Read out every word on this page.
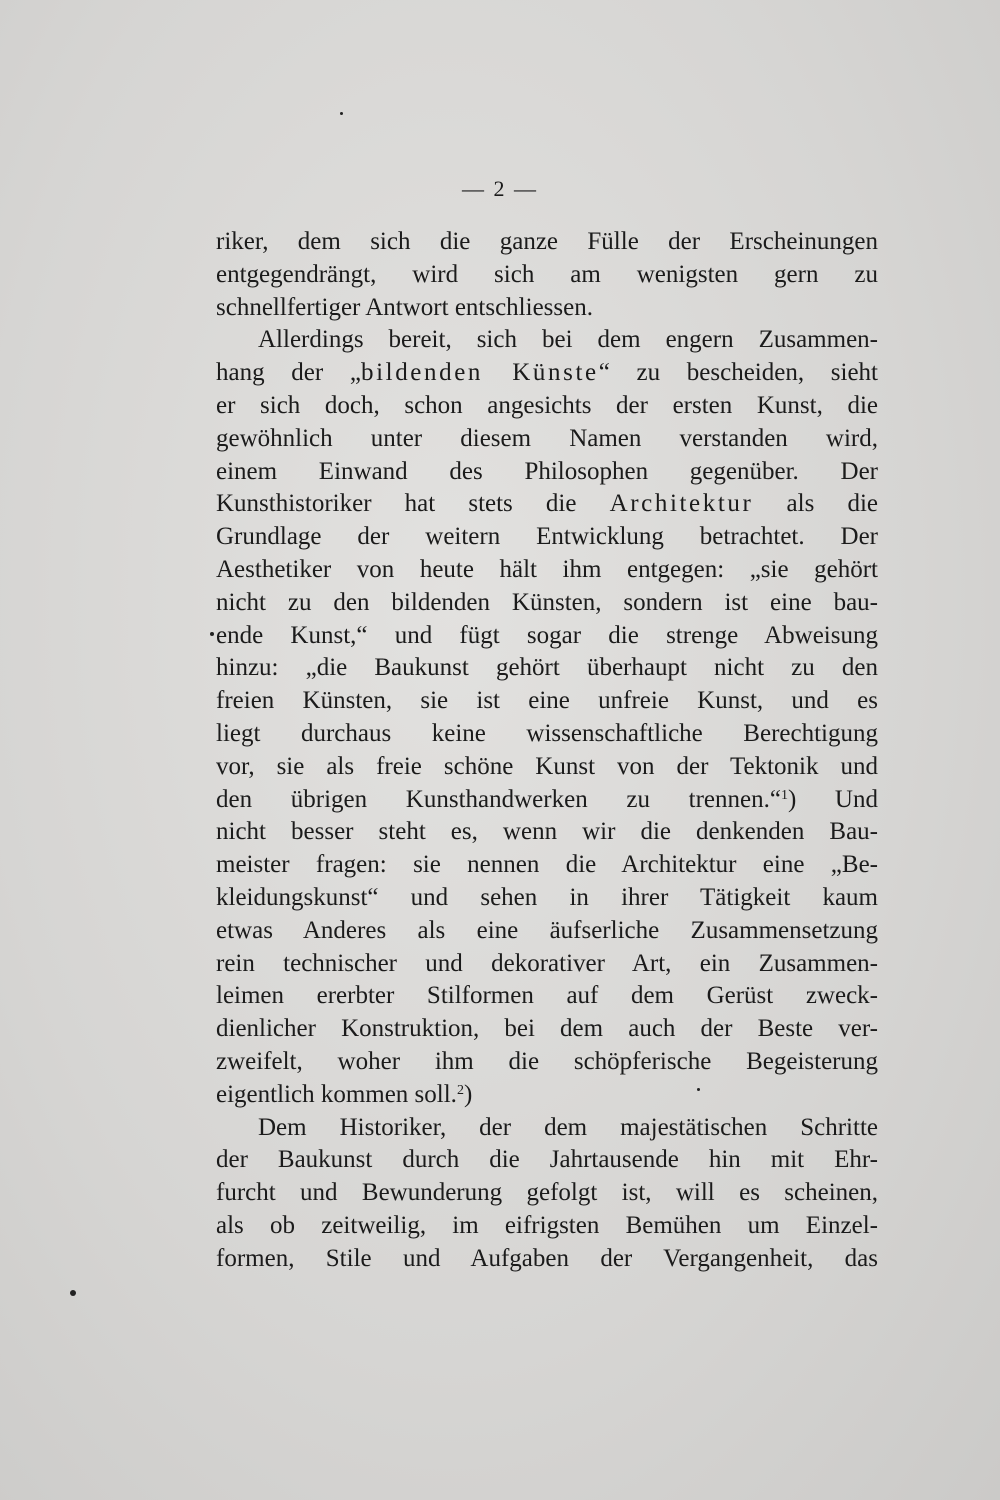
— 2 —
riker, dem sich die ganze Fülle der Erscheinungen
entgegendrängt, wird sich am wenigsten gern zu
schnellfertiger Antwort entschliessen.
Allerdings bereit, sich bei dem engern Zusammen-
hang der „bildenden Künste“ zu bescheiden, sieht
er sich doch, schon angesichts der ersten Kunst, die
gewöhnlich unter diesem Namen verstanden wird,
einem Einwand des Philosophen gegenüber. Der
Kunsthistoriker hat stets die Architektur als die
Grundlage der weitern Entwicklung betrachtet. Der
Aesthetiker von heute hält ihm entgegen: „sie gehört
nicht zu den bildenden Künsten, sondern ist eine bau-
ende Kunst,“ und fügt sogar die strenge Abweisung
hinzu: „die Baukunst gehört überhaupt nicht zu den
freien Künsten, sie ist eine unfreie Kunst, und es
liegt durchaus keine wissenschaftliche Berechtigung
vor, sie als freie schöne Kunst von der Tektonik und
den übrigen Kunsthandwerken zu trennen.“$^1$) Und
nicht besser steht es, wenn wir die denkenden Bau-
meister fragen: sie nennen die Architektur eine „Be-
kleidungskunst“ und sehen in ihrer Tätigkeit kaum
etwas Anderes als eine äufserliche Zusammensetzung
rein technischer und dekorativer Art, ein Zusammen-
leimen ererbter Stilformen auf dem Gerüst zweck-
dienlicher Konstruktion, bei dem auch der Beste ver-
zweifelt, woher ihm die schöpferische Begeisterung
eigentlich kommen soll.$^2$)
Dem Historiker, der dem majestätischen Schritte
der Baukunst durch die Jahrtausende hin mit Ehr-
furcht und Bewunderung gefolgt ist, will es scheinen,
als ob zeitweilig, im eifrigsten Bemühen um Einzel-
formen, Stile und Aufgaben der Vergangenheit, das
